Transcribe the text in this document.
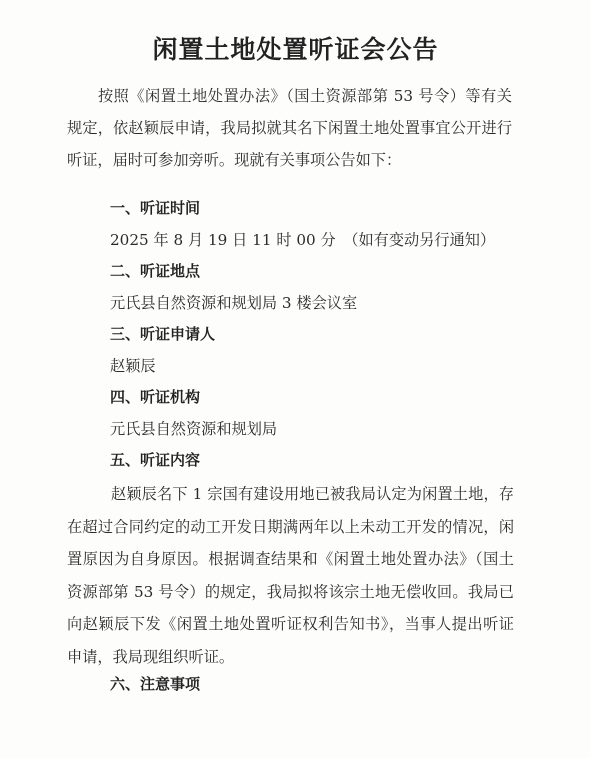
闲置土地处置听证会公告

按照《闲置土地处置办法》（国土资源部第 53 号令）等有关规定，依赵颖辰申请，我局拟就其名下闲置土地处置事宜公开进行听证，届时可参加旁听。现就有关事项公告如下：

一、听证时间

2025 年 8 月 19 日 11 时 00 分　（如有变动另行通知）

二、听证地点

元氏县自然资源和规划局 3 楼会议室

三、听证申请人

赵颖辰

四、听证机构

元氏县自然资源和规划局

五、听证内容

赵颖辰名下 1 宗国有建设用地已被我局认定为闲置土地，存在超过合同约定的动工开发日期满两年以上未动工开发的情况，闲置原因为自身原因。根据调查结果和《闲置土地处置办法》（国土资源部第 53 号令）的规定，我局拟将该宗土地无偿收回。我局已向赵颖辰下发《闲置土地处置听证权利告知书》，当事人提出听证申请，我局现组织听证。

六、注意事项
